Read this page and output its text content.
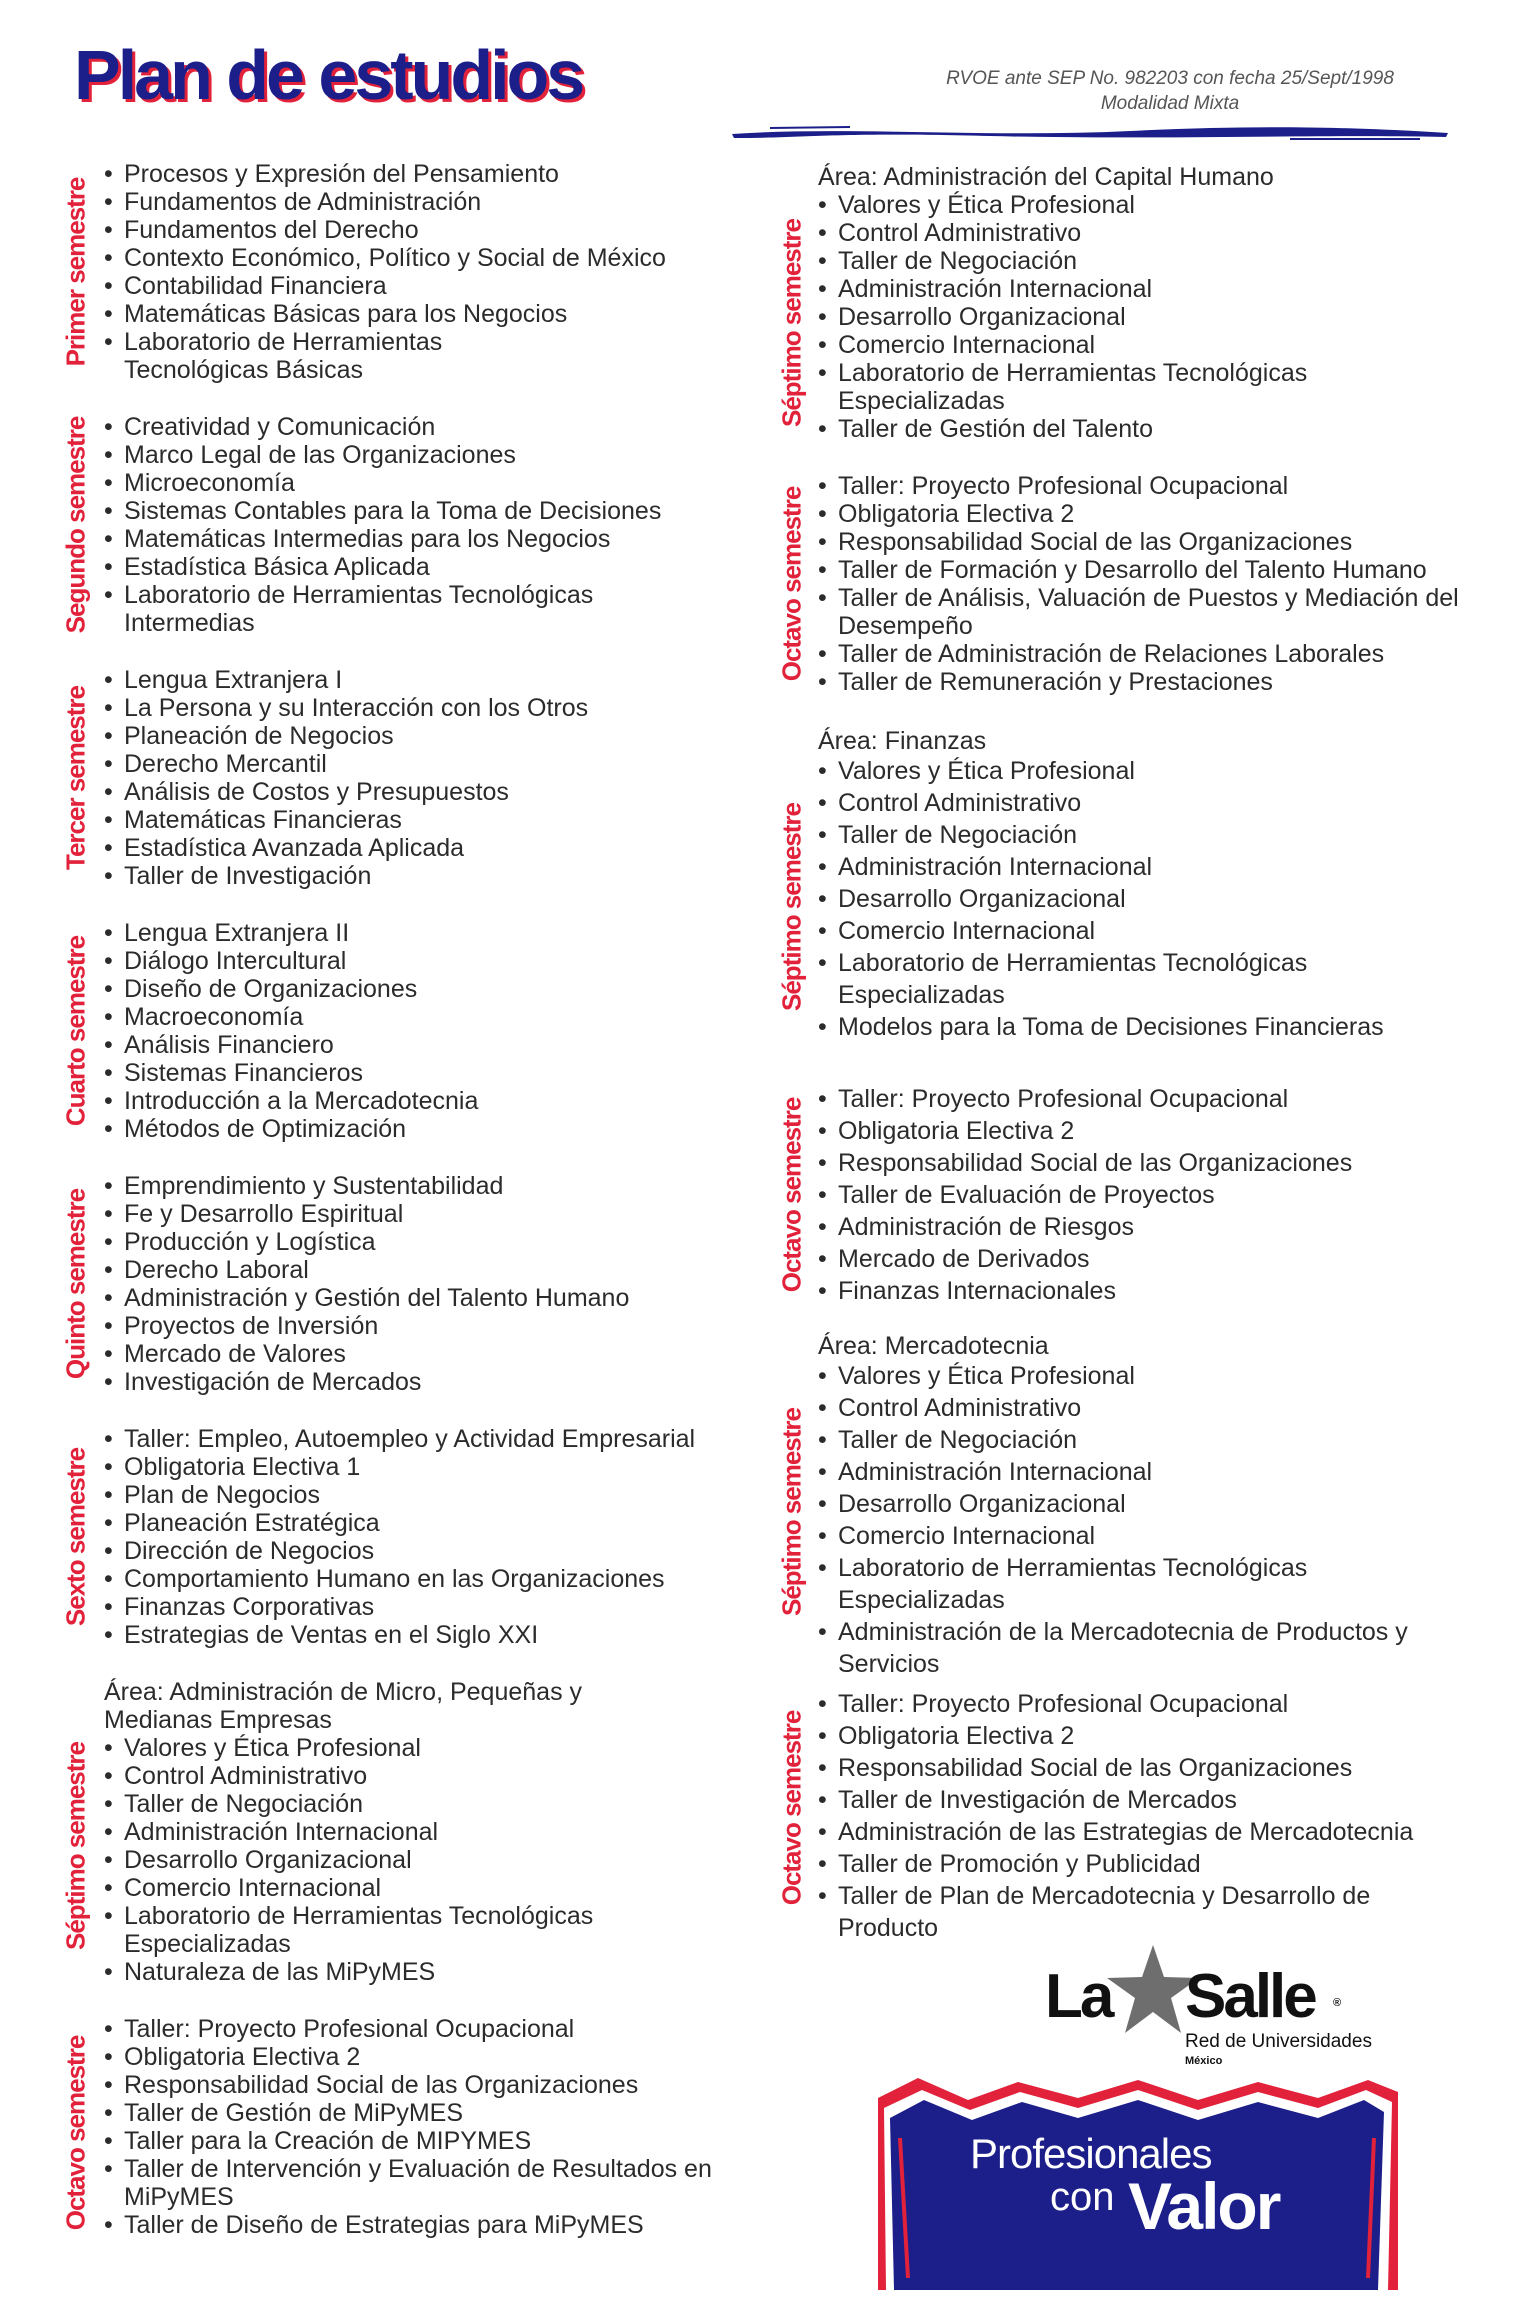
Plan de estudios	RVOE ante SEP No. 982203 con fecha 25/Sept/1998
Modalidad Mixta
Primer semestre
• Procesos y Expresión del Pensamiento
• Fundamentos de Administración
• Fundamentos del Derecho
• Contexto Económico, Político y Social de México
• Contabilidad Financiera
• Matemáticas Básicas para los Negocios
• Laboratorio de Herramientas Tecnológicas Básicas
Segundo semestre	• Creatividad y Comunicación
• Marco Legal de las Organizaciones
• Microeconomía
• Sistemas Contables para la Toma de Decisiones
• Matemáticas Intermedias para los Negocios
• Estadística Básica Aplicada
• Laboratorio de Herramientas Tecnológicas Intermedias
Tercer semestre
• Lengua Extranjera I
• La Persona y su Interacción con los Otros
• Planeación de Negocios
• Derecho Mercantil
• Análisis de Costos y Presupuestos
• Matemáticas Financieras
• Estadística Avanzada Aplicada
• Taller de Investigación
Cuarto semestre
• Lengua Extranjera II
• Diálogo Intercultural
• Diseño de Organizaciones
• Macroeconomía
• Análisis Financiero
• Sistemas Financieros
• Introducción a la Mercadotecnia
• Métodos de Optimización
Quinto semestre
• Emprendimiento y Sustentabilidad
• Fe y Desarrollo Espiritual
• Producción y Logística
• Derecho Laboral
• Administración y Gestión del Talento Humano
• Proyectos de Inversión
• Mercado de Valores
• Investigación de Mercados
Sexto semestre
• Taller: Empleo, Autoempleo y Actividad Empresarial
• Obligatoria Electiva 1
• Plan de Negocios
• Planeación Estratégica
• Dirección de Negocios
• Comportamiento Humano en las Organizaciones
• Finanzas Corporativas
• Estrategias de Ventas en el Siglo XXI
Séptimo semestre

Área: Administración de Micro, Pequeñas y Medianas Empresas

• Valores y Ética Profesional
• Control Administrativo
• Taller de Negociación
• Administración Internacional
• Desarrollo Organizacional
• Comercio Internacional
• Laboratorio de Herramientas Tecnológicas Especializadas
• Naturaleza de las MiPyMES
Octavo semestre
• Taller: Proyecto Profesional Ocupacional
• Obligatoria Electiva 2
• Responsabilidad Social de las Organizaciones
• Taller de Gestión de MiPyMES
• Taller para la Creación de MIPYMES
• Taller de Intervención y Evaluación de Resultados en MiPyMES
• Taller de Diseño de Estrategias para MiPyMES
Séptimo semestre

Área: Administración del Capital Humano

• Valores y Ética Profesional
• Control Administrativo
• Taller de Negociación
• Administración Internacional
• Desarrollo Organizacional
• Comercio Internacional
• Laboratorio de Herramientas Tecnológicas Especializadas
• Taller de Gestión del Talento
Octavo semestre
• Taller: Proyecto Profesional Ocupacional
• Obligatoria Electiva 2
• Responsabilidad Social de las Organizaciones
• Taller de Formación y Desarrollo del Talento Humano
• Taller de Análisis, Valuación de Puestos y Mediación del Desempeño
• Taller de Administración de Relaciones Laborales
• Taller de Remuneración y Prestaciones
Séptimo semestre

Área: Finanzas

• Valores y Ética Profesional
• Control Administrativo
• Taller de Negociación
• Administración Internacional
• Desarrollo Organizacional
• Comercio Internacional
• Laboratorio de Herramientas Tecnológicas Especializadas
• Modelos para la Toma de Decisiones Financieras
Octavo semestre	• Taller: Proyecto Profesional Ocupacional
• Obligatoria Electiva 2
• Responsabilidad Social de las Organizaciones
• Taller de Evaluación de Proyectos
• Administración de Riesgos
• Mercado de Derivados
• Finanzas Internacionales
Séptimo semestre

Área: Mercadotecnia

• Valores y Ética Profesional
• Control Administrativo
• Taller de Negociación
• Administración Internacional
• Desarrollo Organizacional
• Comercio Internacional
• Laboratorio de Herramientas Tecnológicas Especializadas
• Administración de la Mercadotecnia de Productos y Servicios
Octavo semestre
• Taller: Proyecto Profesional Ocupacional
• Obligatoria Electiva 2
• Responsabilidad Social de las Organizaciones
• Taller de Investigación de Mercados
• Administración de las Estrategias de Mercadotecnia
• Taller de Promoción y Publicidad
• Taller de Plan de Mercadotecnia y Desarrollo de Producto
La Salle ®
Red de Universidades
México
Profesionales
con Valor
